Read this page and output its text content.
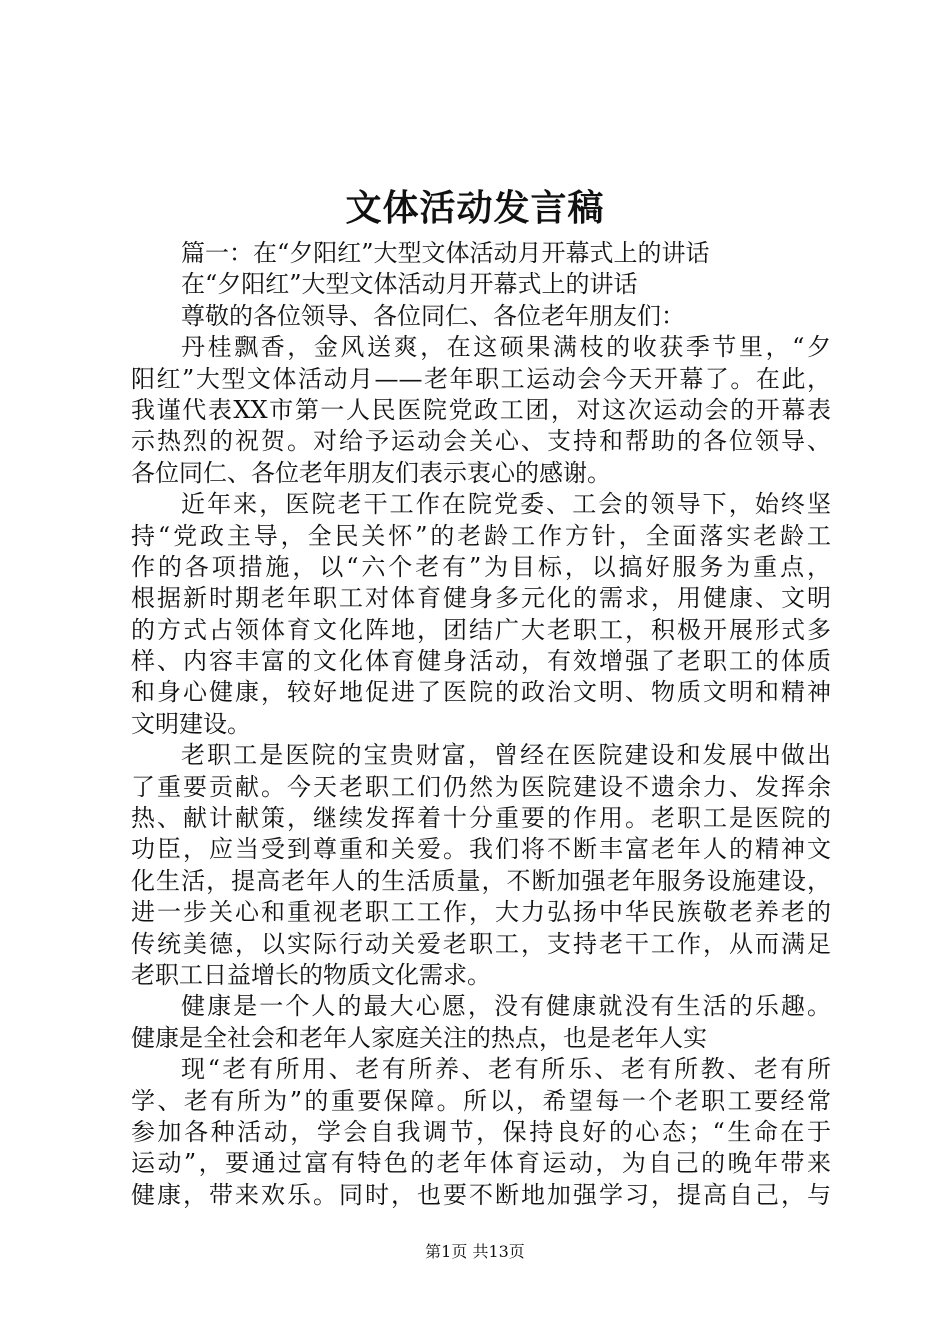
文体活动发言稿
篇一：在“夕阳红”大型文体活动月开幕式上的讲话
在“夕阳红”大型文体活动月开幕式上的讲话
尊敬的各位领导、各位同仁、各位老年朋友们：
丹桂飘香，金风送爽，在这硕果满枝的收获季节里，“夕
阳红”大型文体活动月——老年职工运动会今天开幕了。在此，
我谨代表XX市第一人民医院党政工团，对这次运动会的开幕表
示热烈的祝贺。对给予运动会关心、支持和帮助的各位领导、
各位同仁、各位老年朋友们表示衷心的感谢。
近年来，医院老干工作在院党委、工会的领导下，始终坚
持“党政主导，全民关怀”的老龄工作方针，全面落实老龄工
作的各项措施，以“六个老有”为目标，以搞好服务为重点，
根据新时期老年职工对体育健身多元化的需求，用健康、文明
的方式占领体育文化阵地，团结广大老职工，积极开展形式多
样、内容丰富的文化体育健身活动，有效增强了老职工的体质
和身心健康，较好地促进了医院的政治文明、物质文明和精神
文明建设。
老职工是医院的宝贵财富，曾经在医院建设和发展中做出
了重要贡献。今天老职工们仍然为医院建设不遗余力、发挥余
热、献计献策，继续发挥着十分重要的作用。老职工是医院的
功臣，应当受到尊重和关爱。我们将不断丰富老年人的精神文
化生活，提高老年人的生活质量，不断加强老年服务设施建设，
进一步关心和重视老职工工作，大力弘扬中华民族敬老养老的
传统美德，以实际行动关爱老职工，支持老干工作，从而满足
老职工日益增长的物质文化需求。
健康是一个人的最大心愿，没有健康就没有生活的乐趣。
健康是全社会和老年人家庭关注的热点，也是老年人实
现“老有所用、老有所养、老有所乐、老有所教、老有所
学、老有所为”的重要保障。所以，希望每一个老职工要经常
参加各种活动，学会自我调节，保持良好的心态；“生命在于
运动”，要通过富有特色的老年体育运动，为自己的晚年带来
健康，带来欢乐。同时，也要不断地加强学习，提高自己，与
第1页 共13页
